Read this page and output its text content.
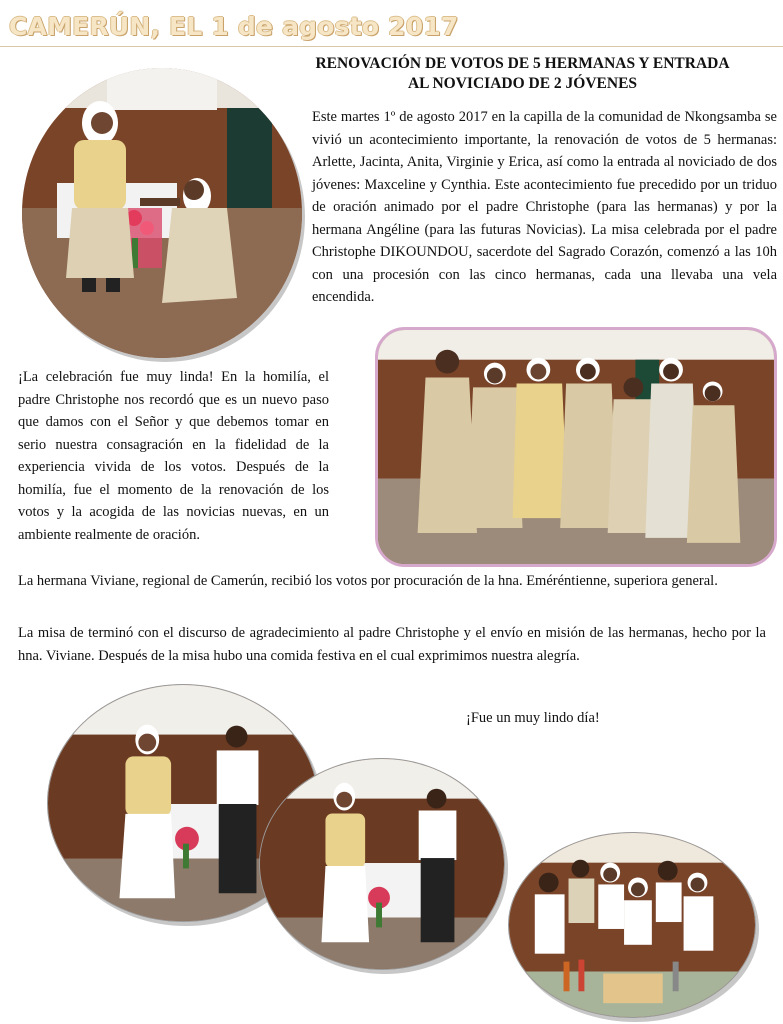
CAMERÚN, EL 1 de agosto 2017
RENOVACIÓN DE VOTOS DE 5 HERMANAS Y ENTRADA
AL NOVICIADO DE 2 JÓVENES

Este martes 1º de agosto 2017 en la capilla de la comunidad de Nkongsamba se vivió un acontecimiento importante, la renovación de votos de 5 hermanas: Arlette, Jacinta, Anita, Virginie y Erica, así como la entrada al noviciado de dos jóvenes: Maxceline y Cynthia. Este acontecimiento fue precedido por un triduo de oración animado por el padre Christophe (para las hermanas) y por la hermana Angéline (para las futuras Novicias). La misa celebrada por el padre Christophe DIKOUNDOU, sacerdote del Sagrado Corazón, comenzó a las 10h con una procesión con las cinco hermanas, cada una llevaba una vela encendida.

¡La celebración fue muy linda! En la homilía, el padre Christophe nos recordó que es un nuevo paso que damos con el Señor y que debemos tomar en serio nuestra consagración en la fidelidad de la experiencia vivida de los votos. Después de la homilía, fue el momento de la renovación de los votos y la acogida de las novicias nuevas, en un ambiente realmente de oración.

La hermana Viviane, regional de Camerún, recibió los votos por procuración de la hna. Eméréntienne, superiora general.

La misa de terminó con el discurso de agradecimiento al padre Christophe y el envío en misión de las hermanas, hecho por la hna. Viviane. Después de la misa hubo una comida festiva en el cual exprimimos nuestra alegría.

¡Fue un muy lindo día!
